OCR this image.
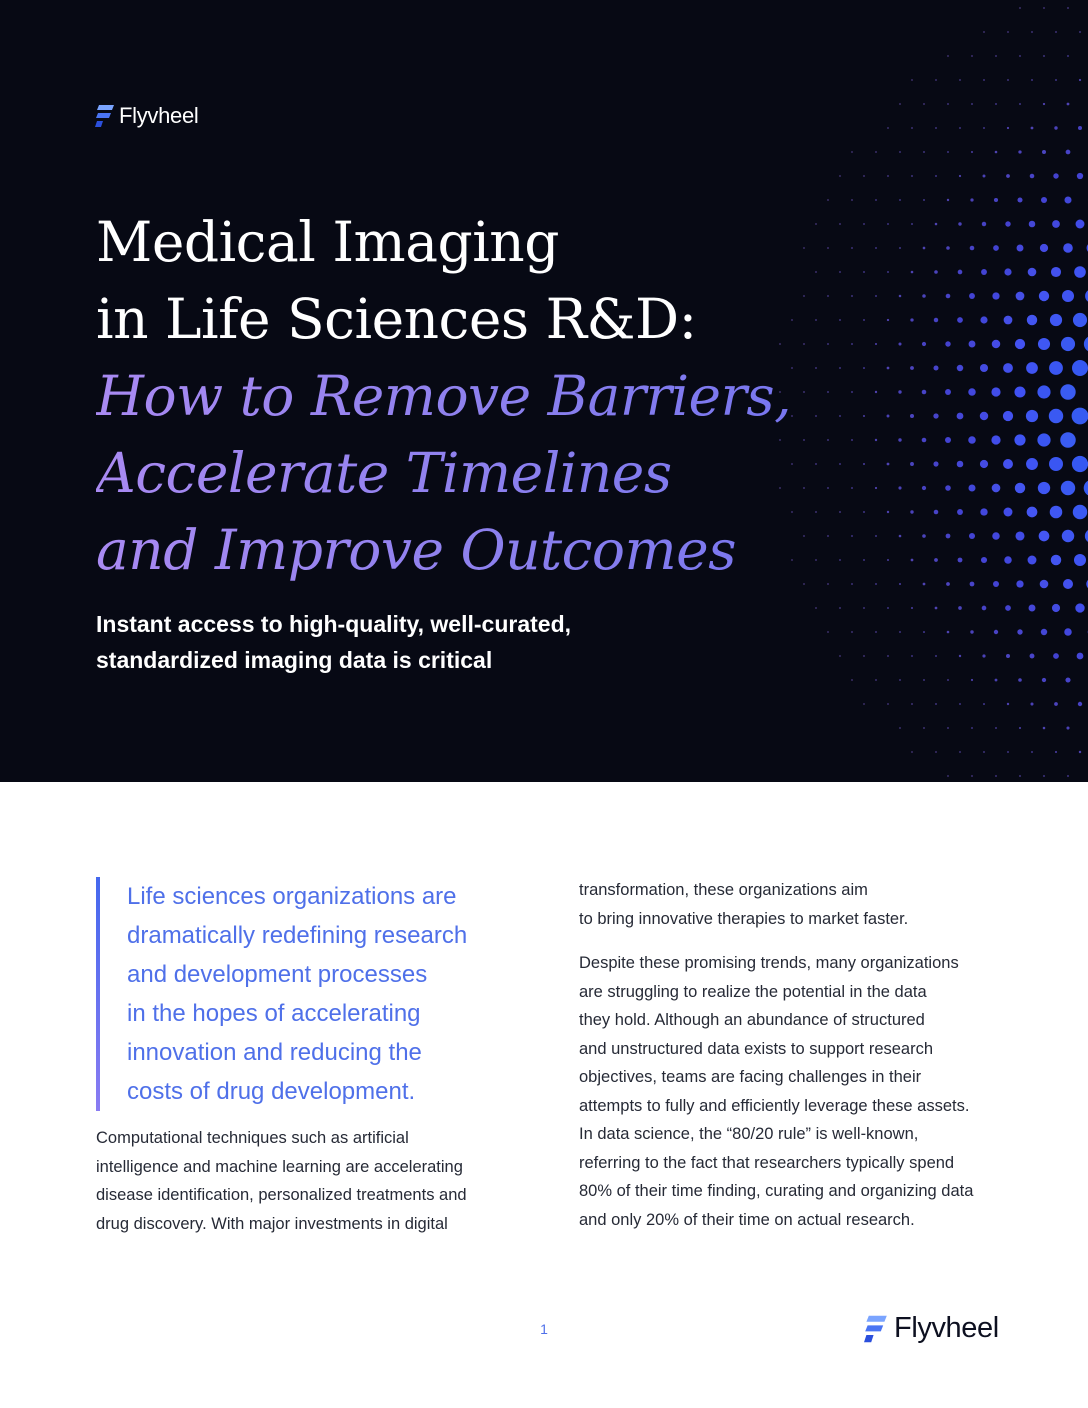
Flyvheel
Medical Imaging
in Life Sciences R&D:
How to Remove Barriers,
Accelerate Timelines
and Improve Outcomes

Instant access to high-quality, well-curated,
standardized imaging data is critical

Life sciences organizations are
dramatically redefining research
and development processes
in the hopes of accelerating
innovation and reducing the
costs of drug development.
Computational techniques such as artificial
intelligence and machine learning are accelerating
disease identification, personalized treatments and
drug discovery. With major investments in digital
transformation, these organizations aim
to bring innovative therapies to market faster.
Despite these promising trends, many organizations
are struggling to realize the potential in the data
they hold. Although an abundance of structured
and unstructured data exists to support research
objectives, teams are facing challenges in their
attempts to fully and efficiently leverage these assets.
In data science, the “80/20 rule” is well-known,
referring to the fact that researchers typically spend
80% of their time finding, curating and organizing data
and only 20% of their time on actual research.
1	Flyvheel
